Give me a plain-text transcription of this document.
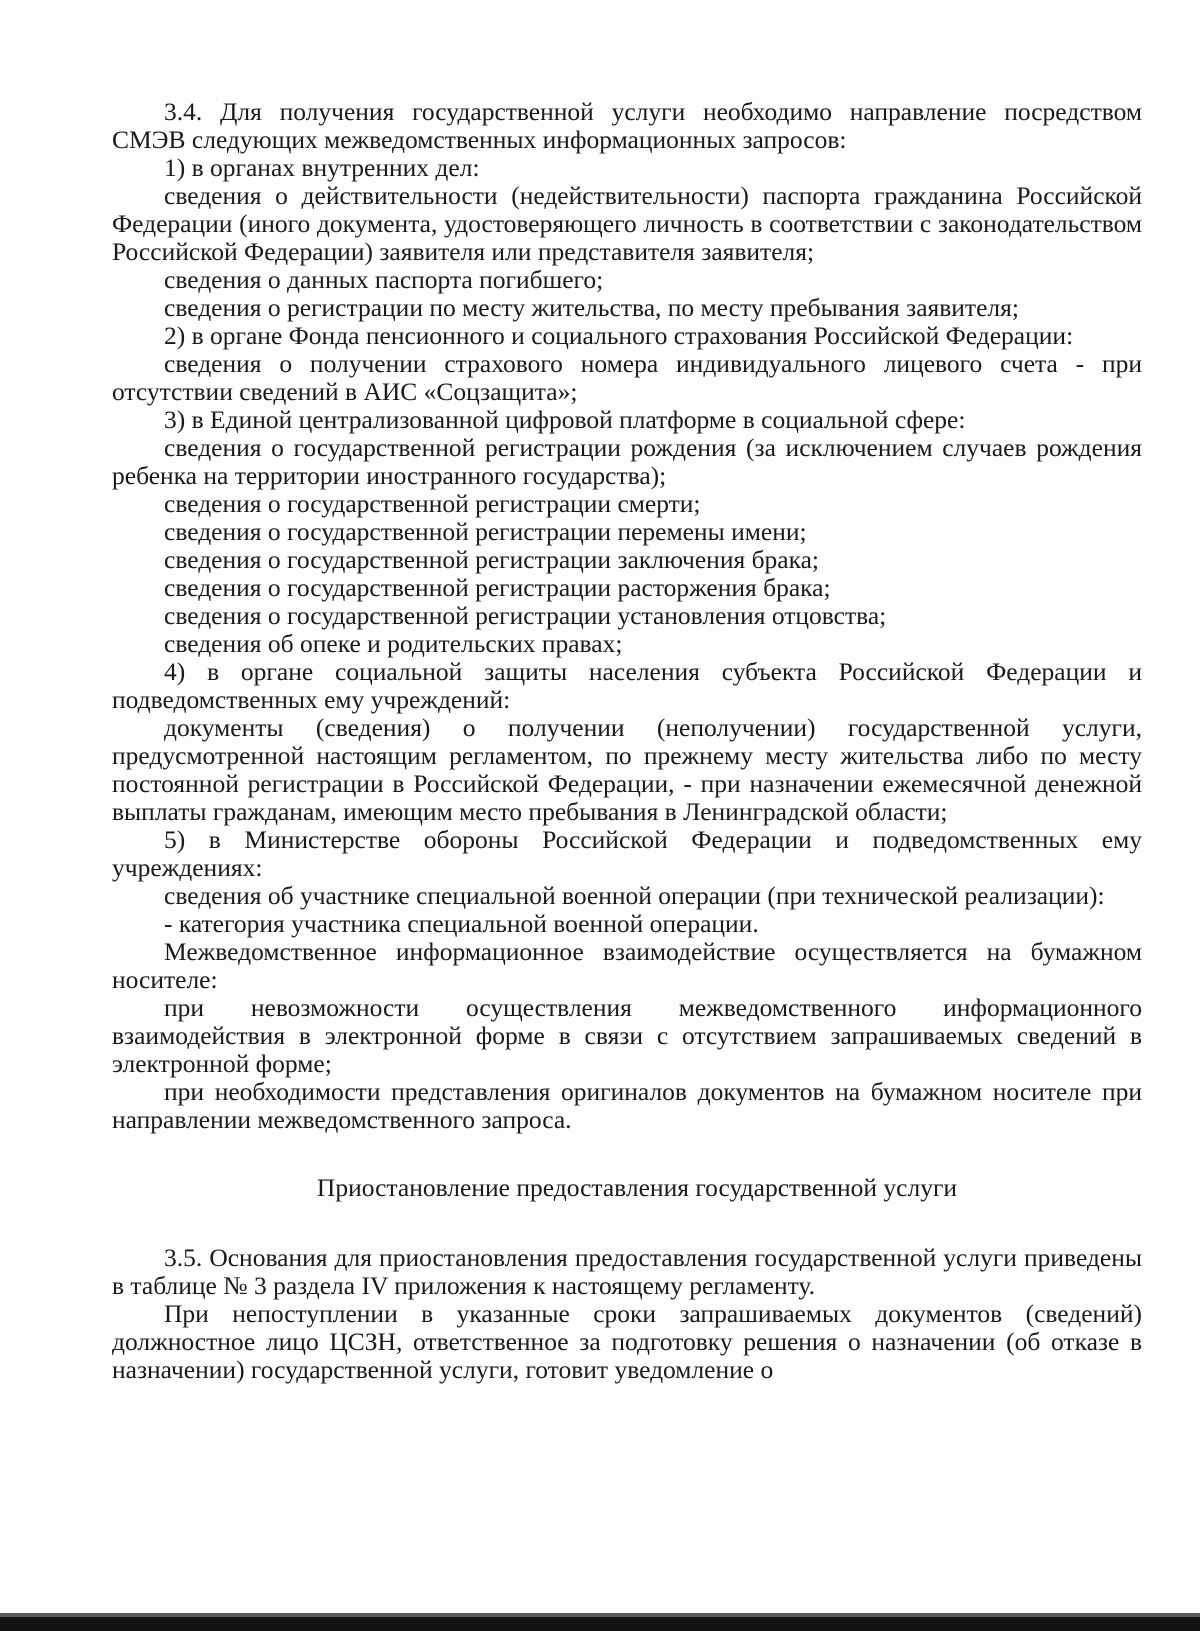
3.4. Для получения государственной услуги необходимо направление посредством СМЭВ следующих межведомственных информационных запросов:

1) в органах внутренних дел:

сведения о действительности (недействительности) паспорта гражданина Российской Федерации (иного документа, удостоверяющего личность в соответствии с законодательством Российской Федерации) заявителя или представителя заявителя;

сведения о данных паспорта погибшего;

сведения о регистрации по месту жительства, по месту пребывания заявителя;

2) в органе Фонда пенсионного и социального страхования Российской Федерации:

сведения о получении страхового номера индивидуального лицевого счета - при отсутствии сведений в АИС «Соцзащита»;

3) в Единой централизованной цифровой платформе в социальной сфере:

сведения о государственной регистрации рождения (за исключением случаев рождения ребенка на территории иностранного государства);

сведения о государственной регистрации смерти;

сведения о государственной регистрации перемены имени;

сведения о государственной регистрации заключения брака;

сведения о государственной регистрации расторжения брака;

сведения о государственной регистрации установления отцовства;

сведения об опеке и родительских правах;

4) в органе социальной защиты населения субъекта Российской Федерации и подведомственных ему учреждений:

документы (сведения) о получении (неполучении) государственной услуги, предусмотренной настоящим регламентом, по прежнему месту жительства либо по месту постоянной регистрации в Российской Федерации, - при назначении ежемесячной денежной выплаты гражданам, имеющим место пребывания в Ленинградской области;

5) в Министерстве обороны Российской Федерации и подведомственных ему учреждениях:

сведения об участнике специальной военной операции (при технической реализации):

- категория участника специальной военной операции.

Межведомственное информационное взаимодействие осуществляется на бумажном носителе:

при невозможности осуществления межведомственного информационного взаимодействия в электронной форме в связи с отсутствием запрашиваемых сведений в электронной форме;

при необходимости представления оригиналов документов на бумажном носителе при направлении межведомственного запроса.

Приостановление предоставления государственной услуги

3.5. Основания для приостановления предоставления государственной услуги приведены в таблице № 3 раздела IV приложения к настоящему регламенту.

При непоступлении в указанные сроки запрашиваемых документов (сведений) должностное лицо ЦСЗН, ответственное за подготовку решения о назначении (об отказе в назначении) государственной услуги, готовит уведомление о
